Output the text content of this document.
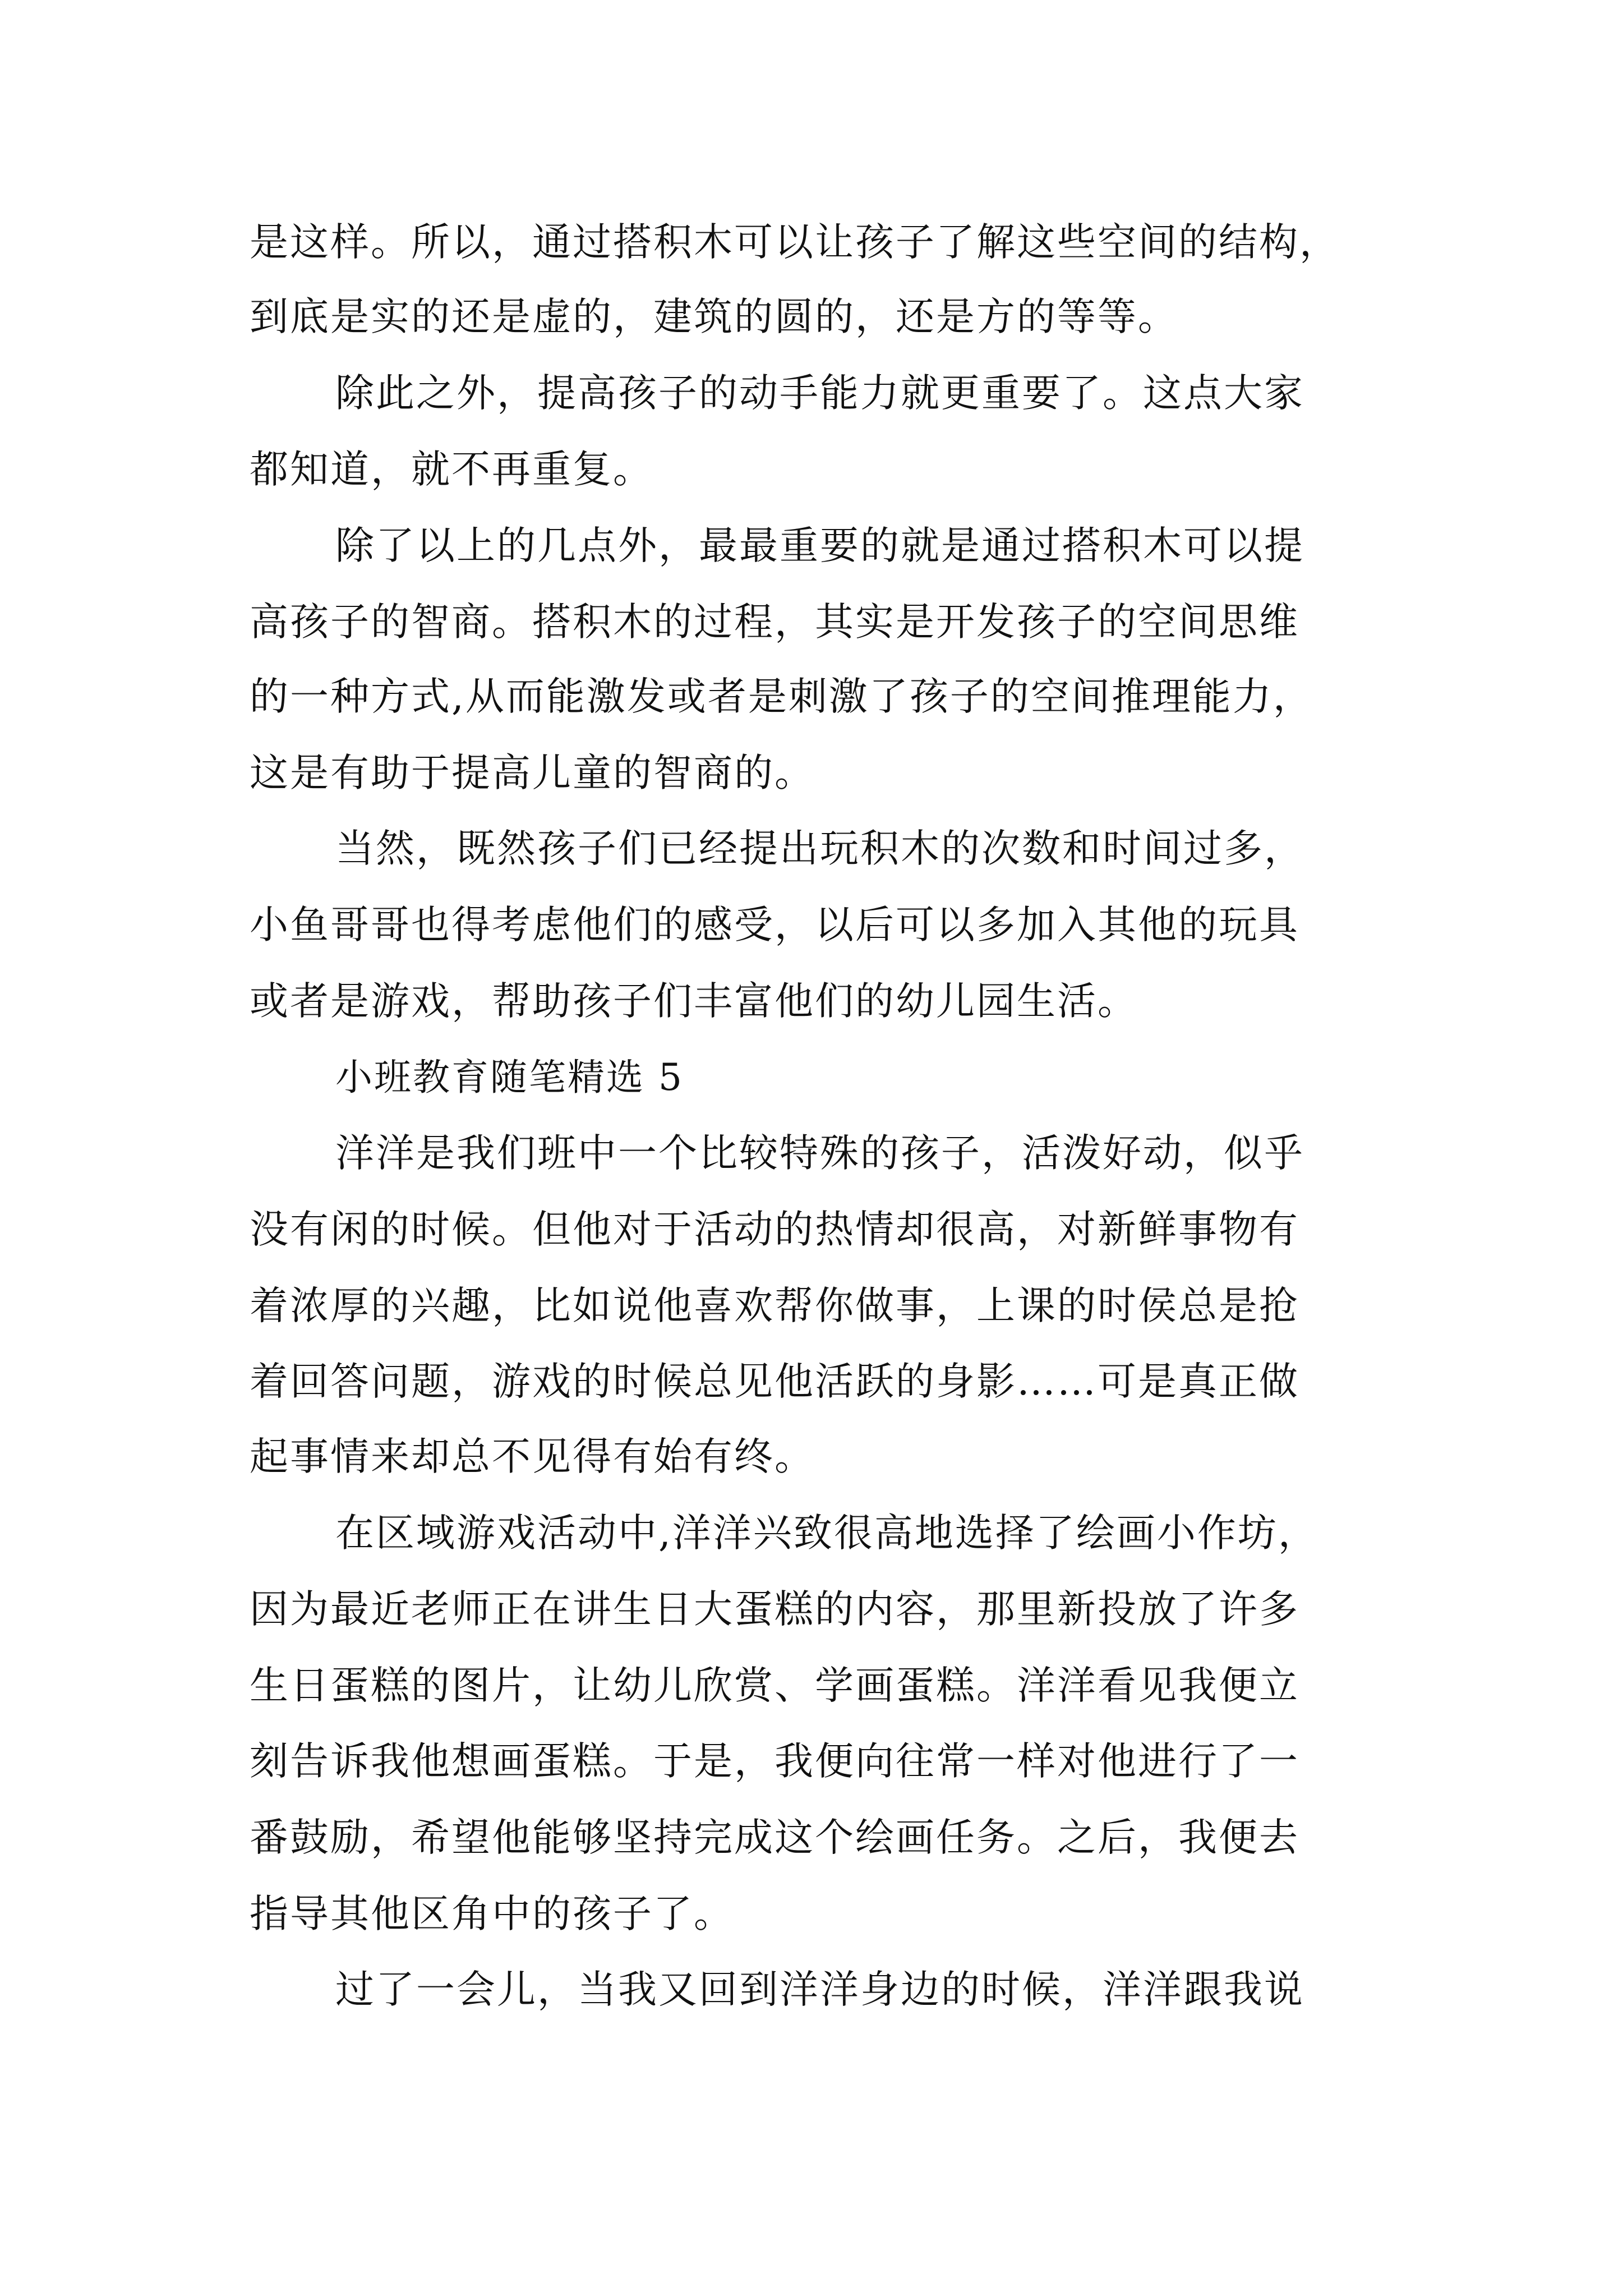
是这样。所以，通过搭积木可以让孩子了解这些空间的结构，
到底是实的还是虚的，建筑的圆的，还是方的等等。
除此之外，提高孩子的动手能力就更重要了。这点大家
都知道，就不再重复。
除了以上的几点外，最最重要的就是通过搭积木可以提
高孩子的智商。搭积木的过程，其实是开发孩子的空间思维
的一种方式,从而能激发或者是刺激了孩子的空间推理能力，
这是有助于提高儿童的智商的。
当然，既然孩子们已经提出玩积木的次数和时间过多，
小鱼哥哥也得考虑他们的感受，以后可以多加入其他的玩具
或者是游戏，帮助孩子们丰富他们的幼儿园生活。
小班教育随笔精选 5
洋洋是我们班中一个比较特殊的孩子，活泼好动，似乎
没有闲的时候。但他对于活动的热情却很高，对新鲜事物有
着浓厚的兴趣，比如说他喜欢帮你做事，上课的时侯总是抢
着回答问题，游戏的时候总见他活跃的身影……可是真正做
起事情来却总不见得有始有终。
在区域游戏活动中,洋洋兴致很高地选择了绘画小作坊，
因为最近老师正在讲生日大蛋糕的内容，那里新投放了许多
生日蛋糕的图片，让幼儿欣赏、学画蛋糕。洋洋看见我便立
刻告诉我他想画蛋糕。于是，我便向往常一样对他进行了一
番鼓励，希望他能够坚持完成这个绘画任务。之后，我便去
指导其他区角中的孩子了。
过了一会儿，当我又回到洋洋身边的时候，洋洋跟我说
